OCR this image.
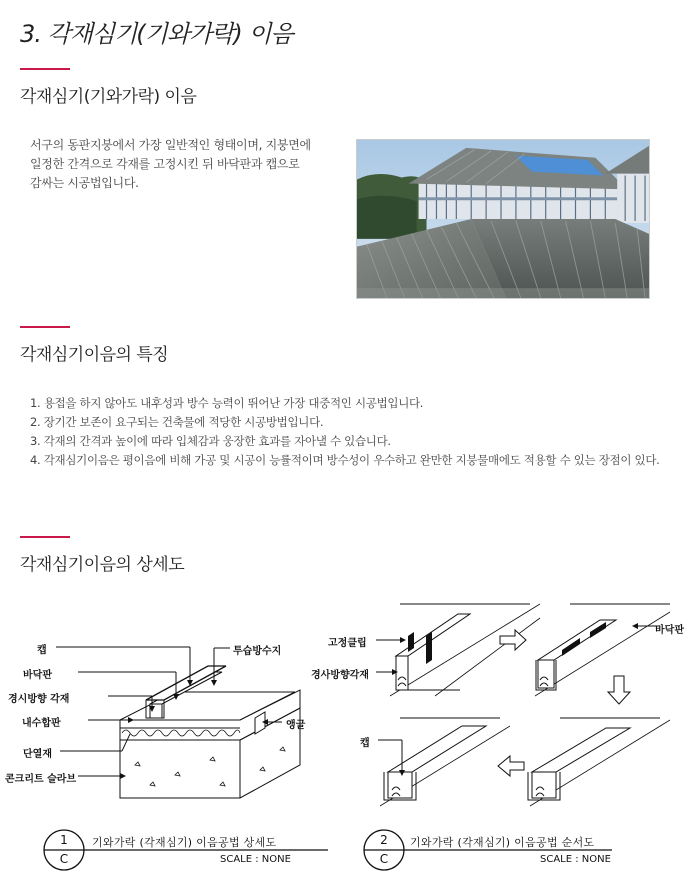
3. 각재심기(기와가락) 이음
각재심기(기와가락) 이음
서구의 동판지붕에서 가장 일반적인 형태이며, 지붕면에
일정한 간격으로 각재를 고정시킨 뒤 바닥판과 캡으로
감싸는 시공법입니다.
각재심기이음의 특징
1. 용접을 하지 않아도 내후성과 방수 능력이 뛰어난 가장 대중적인 시공법입니다.
2. 장기간 보존이 요구되는 건축물에 적당한 시공방법입니다.
3. 각재의 간격과 높이에 따라 입체감과 웅장한 효과를 자아낼 수 있습니다.
4. 각재심기이음은 평이음에 비해 가공 및 시공이 능률적이며 방수성이 우수하고 완만한 지붕물매에도 적용할 수 있는 장점이 있다.
각재심기이음의 상세도
캡
바닥판
경시방향 각재
내수합판
단열재
콘크리트 슬라브
투습방수지
앵글
1
C
기와가락 (각재심기) 이음공법 상세도
SCALE : NONE
고정클립
경사방향각재
바닥판
캡
2
C
기와가락 (각재심기) 이음공법 순서도
SCALE : NONE
